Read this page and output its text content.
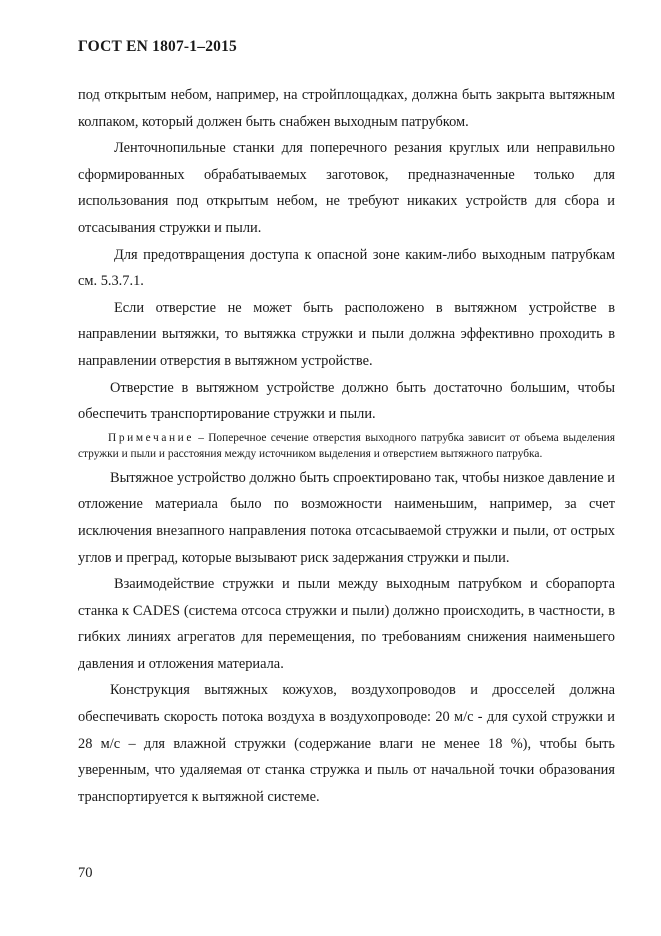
ГОСТ EN 1807-1–2015

под открытым небом, например, на стройплощадках, должна быть закрыта вытяжным колпаком, который должен быть снабжен выходным патрубком.

Ленточнопильные станки для поперечного резания круглых или неправильно сформированных обрабатываемых заготовок, предназначенные только для использования под открытым небом, не требуют никаких устройств для сбора и отсасывания стружки и пыли.

Для предотвращения доступа к опасной зоне каким-либо выходным патрубкам см. 5.3.7.1.

Если отверстие не может быть расположено в вытяжном устройстве в направлении вытяжки, то вытяжка стружки и пыли должна эффективно проходить в направлении отверстия в вытяжном устройстве.

Отверстие в вытяжном устройстве должно быть достаточно большим, чтобы обеспечить транспортирование стружки и пыли.

Примечание – Поперечное сечение отверстия выходного патрубка зависит от объема выделения стружки и пыли и расстояния между источником выделения и отверстием вытяжного патрубка.

Вытяжное устройство должно быть спроектировано так, чтобы низкое давление и отложение материала было по возможности наименьшим, например, за счет исключения внезапного направления потока отсасываемой стружки и пыли, от острых углов и преград, которые вызывают риск задержания стружки и пыли.

Взаимодействие стружки и пыли между выходным патрубком и сборапорта станка к CADES (система отсоса стружки и пыли) должно происходить, в частности, в гибких линиях агрегатов для перемещения, по требованиям снижения наименьшего давления и отложения материала.

Конструкция вытяжных кожухов, воздухопроводов и дросселей должна обеспечивать скорость потока воздуха в воздухопроводе: 20 м/с - для сухой стружки и 28 м/с – для влажной стружки (содержание влаги не менее 18 %), чтобы быть уверенным, что удаляемая от станка стружка и пыль от начальной точки образования транспортируется к вытяжной системе.

70
